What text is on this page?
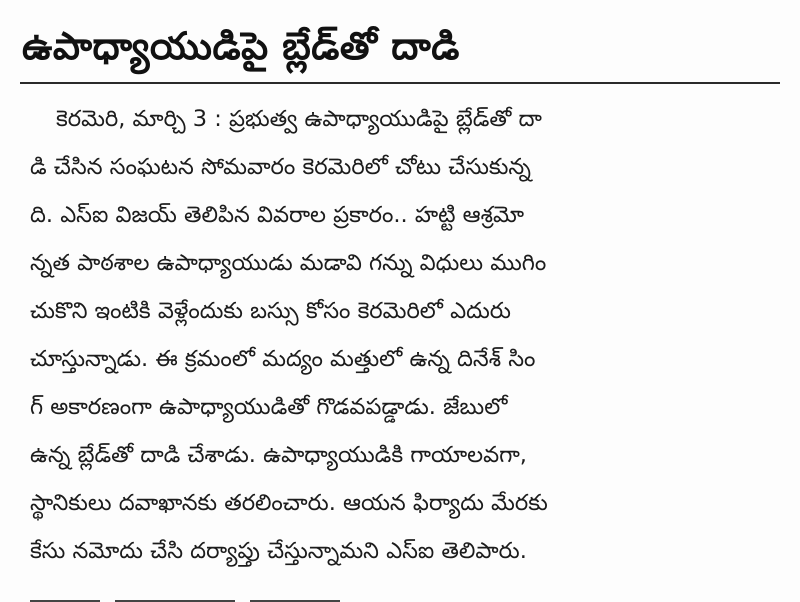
ఉపాధ్యాయుడిపై బ్లేడ్‌తో దాడి
కెరమెరి, మార్చి 3 : ప్రభుత్వ ఉపాధ్యాయుడిపై బ్లేడ్‌తో దా
డి చేసిన సంఘటన సోమవారం కెరమెరిలో చోటు చేసుకున్న
ది. ఎస్ఐ విజయ్ తెలిపిన వివరాల ప్రకారం.. హట్టి ఆశ్రమో
న్నత పాఠశాల ఉపాధ్యాయుడు మడావి గన్ను విధులు ముగిం
చుకొని ఇంటికి వెళ్లేందుకు బస్సు కోసం కెరమెరిలో ఎదురు
చూస్తున్నాడు. ఈ క్రమంలో మద్యం మత్తులో ఉన్న దినేశ్ సిం
గ్ అకారణంగా ఉపాధ్యాయుడితో గొడవపడ్డాడు. జేబులో
ఉన్న బ్లేడ్‌తో దాడి చేశాడు. ఉపాధ్యాయుడికి గాయాలవగా,
స్థానికులు దవాఖానకు తరలించారు. ఆయన ఫిర్యాదు మేరకు
కేసు నమోదు చేసి దర్యాప్తు చేస్తున్నామని ఎస్ఐ తెలిపారు.
